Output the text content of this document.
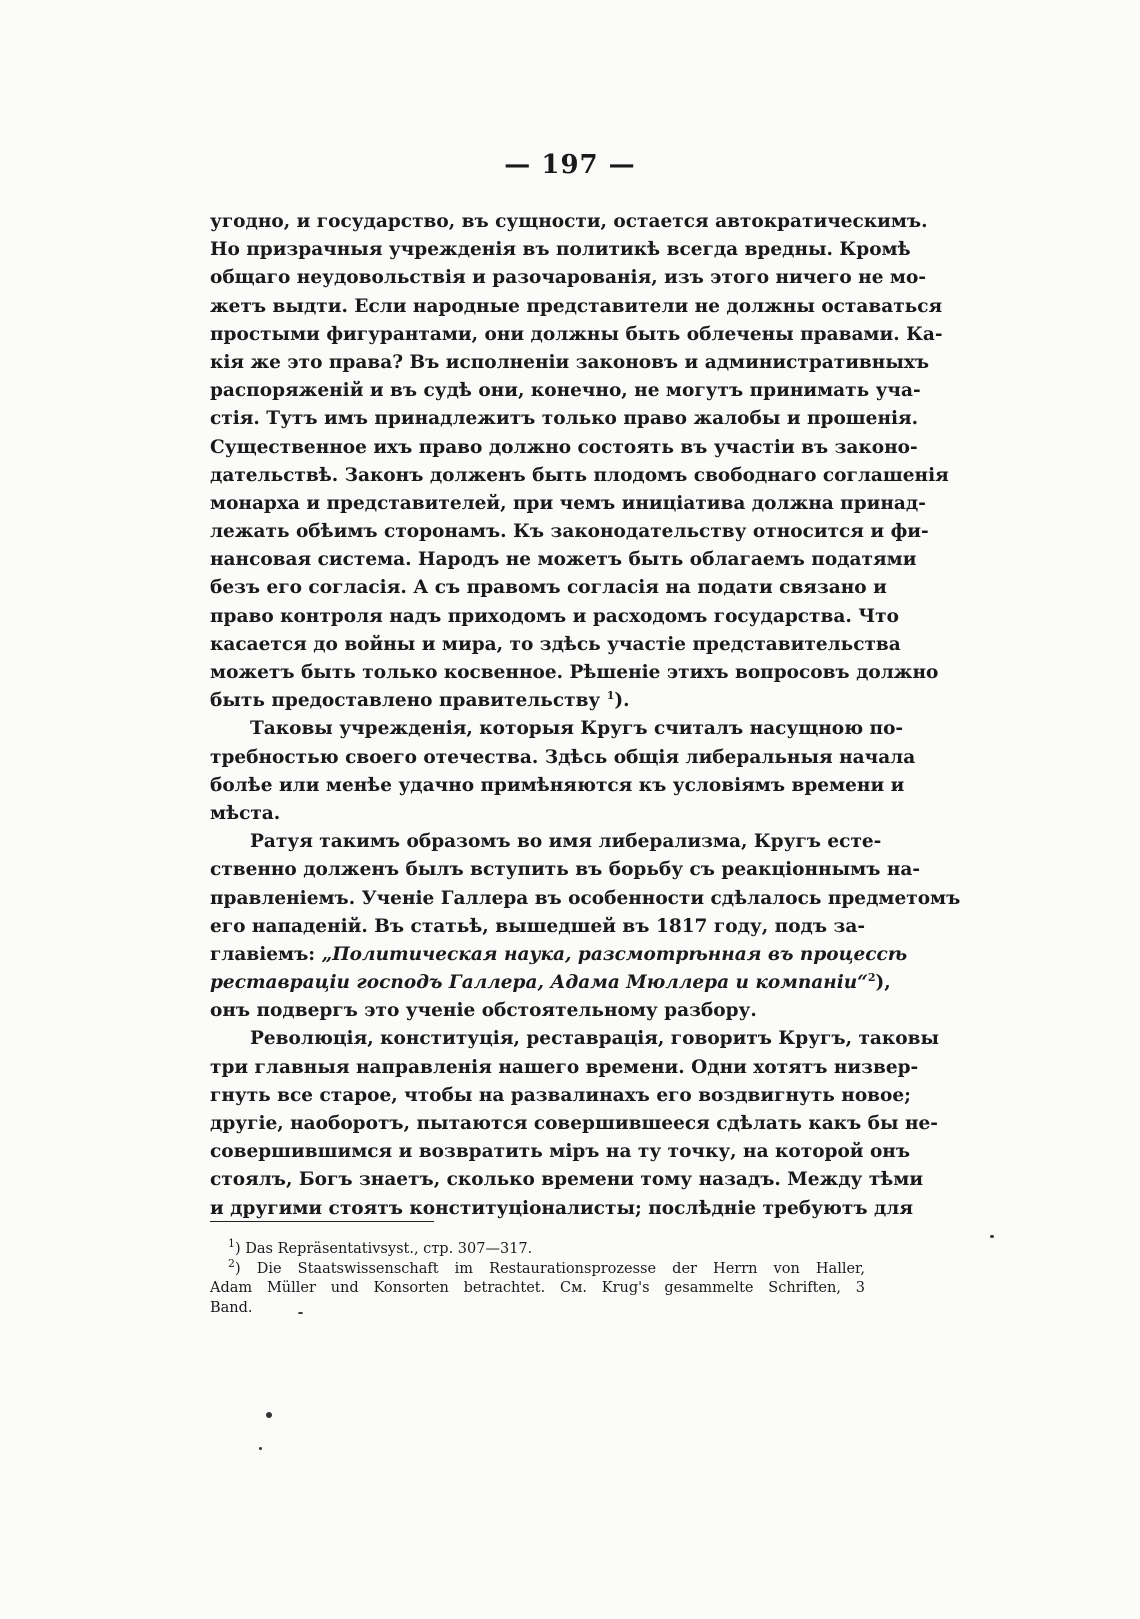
— 197 —
угодно, и государство, въ сущности, остается автократическимъ.
Но призрачныя учрежденія въ политикѣ всегда вредны. Кромѣ
общаго неудовольствія и разочарованія, изъ этого ничего не мо-
жетъ выдти. Если народные представители не должны оставаться
простыми фигурантами, они должны быть облечены правами. Ка-
кія же это права? Въ исполненіи законовъ и административныхъ
распоряженій и въ судѣ они, конечно, не могутъ принимать уча-
стія. Тутъ имъ принадлежитъ только право жалобы и прошенія.
Существенное ихъ право должно состоять въ участіи въ законо-
дательствѣ. Законъ долженъ быть плодомъ свободнаго соглашенія
монарха и представителей, при чемъ иниціатива должна принад-
лежать обѣимъ сторонамъ. Къ законодательству относится и фи-
нансовая система. Народъ не можетъ быть облагаемъ податями
безъ его согласія. А съ правомъ согласія на подати связано и
право контроля надъ приходомъ и расходомъ государства. Что
касается до войны и мира, то здѣсь участіе представительства
можетъ быть только косвенное. Рѣшеніе этихъ вопросовъ должно
быть предоставлено правительству $^1$).
Таковы учрежденія, которыя Кругъ считалъ насущною по-
требностью своего отечества. Здѣсь общія либеральныя начала
болѣе или менѣе удачно примѣняются къ условіямъ времени и
мѣста.
Ратуя такимъ образомъ во имя либерализма, Кругъ есте-
ственно долженъ былъ вступить въ борьбу съ реакціоннымъ на-
правленіемъ. Ученіе Галлера въ особенности сдѣлалось предметомъ
его нападеній. Въ статьѣ, вышедшей въ 1817 году, подъ за-
главіемъ: „Политическая наука, разсмотрѣнная въ процессѣ
реставраціи господъ Галлера, Адама Мюллера и компаніи“$^2$),
онъ подвергъ это ученіе обстоятельному разбору.
Революція, конституція, реставрація, говоритъ Кругъ, таковы
три главныя направленія нашего времени. Одни хотятъ низвер-
гнуть все старое, чтобы на развалинахъ его воздвигнуть новое;
другіе, наоборотъ, пытаются совершившееся сдѣлать какъ бы не-
совершившимся и возвратить міръ на ту точку, на которой онъ
стоялъ, Богъ знаетъ, сколько времени тому назадъ. Между тѣми
и другими стоятъ конституціоналисты; послѣдніе требуютъ для
$^1$) Das Repräsentativsyst., стр. 307—317.
$^2$) Die Staatswissenschaft im Restaurationsprozesse der Herrn von Haller,
Adam Müller und Konsorten betrachtet. См. Krug's gesammelte Schriften, 3
Band.
